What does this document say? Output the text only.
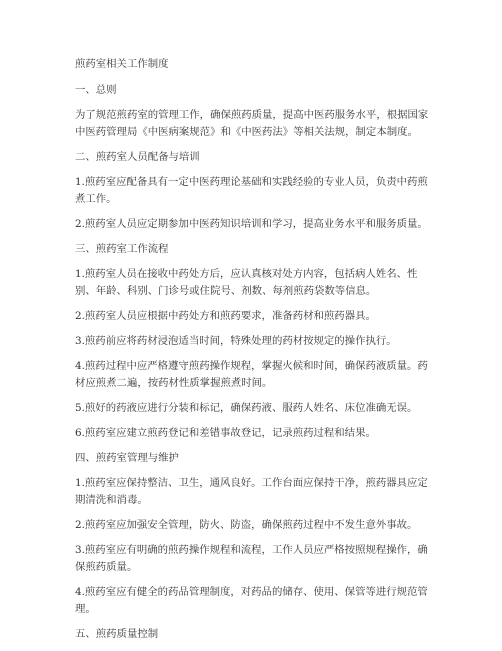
煎药室相关工作制度

一、总则

为了规范煎药室的管理工作，确保煎药质量，提高中医药服务水平，根据国家中医药管理局《中医病案规范》和《中医药法》等相关法规，制定本制度。

二、煎药室人员配备与培训

1.煎药室应配备具有一定中医药理论基础和实践经验的专业人员，负责中药煎煮工作。

2.煎药室人员应定期参加中医药知识培训和学习，提高业务水平和服务质量。

三、煎药室工作流程

1.煎药室人员在接收中药处方后，应认真核对处方内容，包括病人姓名、性别、年龄、科别、门诊号或住院号、剂数、每剂煎药袋数等信息。

2.煎药室人员应根据中药处方和煎药要求，准备药材和煎药器具。

3.煎药前应将药材浸泡适当时间，特殊处理的药材按规定的操作执行。

4.煎药过程中应严格遵守煎药操作规程，掌握火候和时间，确保药液质量。药材应煎煮二遍，按药材性质掌握煎煮时间。

5.煎好的药液应进行分装和标记，确保药液、服药人姓名、床位准确无误。

6.煎药室应建立煎药登记和差错事故登记，记录煎药过程和结果。

四、煎药室管理与维护

1.煎药室应保持整洁、卫生，通风良好。工作台面应保持干净，煎药器具应定期清洗和消毒。

2.煎药室应加强安全管理，防火、防盗，确保煎药过程中不发生意外事故。

3.煎药室应有明确的煎药操作规程和流程，工作人员应严格按照规程操作，确保煎药质量。

4.煎药室应有健全的药品管理制度，对药品的储存、使用、保管等进行规范管理。

五、煎药质量控制
